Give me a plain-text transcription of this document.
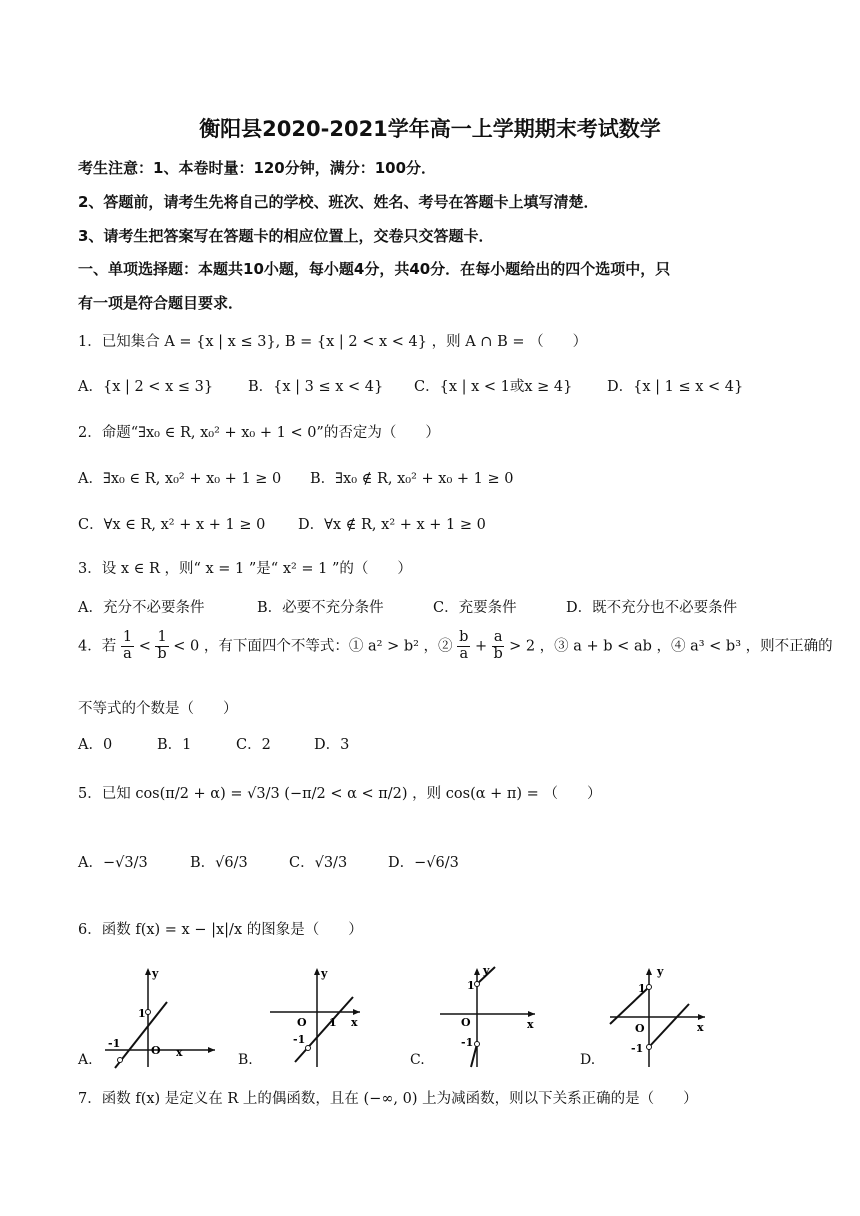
衡阳县2020-2021学年高一上学期期末考试数学
考生注意：1、本卷时量：120分钟，满分：100分．
2、答题前，请考生先将自己的学校、班次、姓名、考号在答题卡上填写清楚．
3、请考生把答案写在答题卡的相应位置上，交卷只交答题卡．
一、单项选择题：本题共10小题，每小题4分，共40分．在每小题给出的四个选项中，只
有一项是符合题目要求．
1．已知集合 A = {x | x ≤ 3}, B = {x | 2 < x < 4} ，则 A ∩ B = （　　）
A．{x | 2 < x ≤ 3} B．{x | 3 ≤ x < 4} C．{x | x < 1或x ≥ 4} D．{x | 1 ≤ x < 4}
2．命题“∃x₀ ∈ R, x₀² + x₀ + 1 < 0”的否定为（　　）
A．∃x₀ ∈ R, x₀² + x₀ + 1 ≥ 0 B．∃x₀ ∉ R, x₀² + x₀ + 1 ≥ 0
C．∀x ∈ R, x² + x + 1 ≥ 0 D．∀x ∉ R, x² + x + 1 ≥ 0
3．设 x ∈ R ，则“ x = 1 ”是“ x² = 1 ”的（　　）
A．充分不必要条件	B．必要不充分条件	C．充要条件	D．既不充分也不必要条件
4．若 $\frac{1}{a} < \frac{1}{b} < 0$ ，有下面四个不等式：① a² > b² ，② $\frac{b}{a} + \frac{a}{b} > 2$ ，③ a + b < ab ，④ a³ < b³ ，则不正确的
不等式的个数是（　　）
A．0	B．1	C．2	D．3
5．已知 cos(π/2 + α) = √3/3 (−π/2 < α < π/2) ，则 cos(α + π) = （　　）
A．−√3/3	B．√6/3	C．√3/3	D．−√6/3
6．函数 f(x) = x − |x|/x 的图象是（　　）
y
x
O
1
-1
y
x
O 1
-1
y
x
O
1
-1
y
x
O
1
-1
A.	B.	C.	D.
7．函数 f(x) 是定义在 R 上的偶函数，且在 (−∞, 0) 上为减函数，则以下关系正确的是（　　）
